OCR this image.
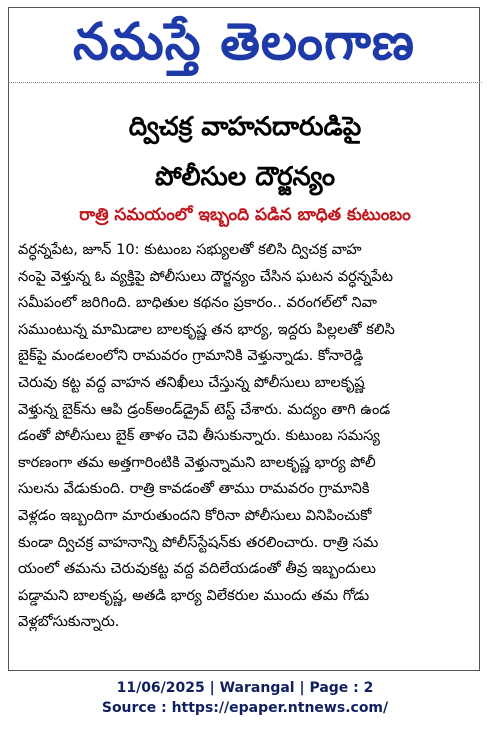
నమస్తే తెలంగాణ
ద్విచక్ర వాహనదారుడిపై
పోలీసుల దౌర్జన్యం
రాత్రి సమయంలో ఇబ్బంది పడిన బాధిత కుటుంబం
వర్ధన్నపేట, జూన్ 10: కుటుంబ సభ్యులతో కలిసి ద్విచక్ర వాహ
నంపై వెళ్తున్న ఓ వ్యక్తిపై పోలీసులు దౌర్జన్యం చేసిన ఘటన వర్ధన్నపేట
సమీపంలో జరిగింది. బాధితుల కథనం ప్రకారం.. వరంగల్‌లో నివా
సముంటున్న మామిడాల బాలకృష్ణ తన భార్య, ఇద్దరు పిల్లలతో కలిసి
బైక్‌పై మండలంలోని రామవరం గ్రామానికి వెళ్తున్నాడు. కోనారెడ్డి
చెరువు కట్ట వద్ద వాహన తనిఖీలు చేస్తున్న పోలీసులు బాలకృష్ణ
వెళ్తున్న బైక్‌ను ఆపి డ్రంక్‌అండ్‌డ్రైవ్ టెస్ట్ చేశారు. మద్యం తాగి ఉండ
డంతో పోలీసులు బైక్ తాళం చెవి తీసుకున్నారు. కుటుంబ సమస్య
కారణంగా తమ అత్తగారింటికి వెళ్తున్నామని బాలకృష్ణ భార్య పోలీ
సులను వేడుకుంది. రాత్రి కావడంతో తాము రామవరం గ్రామానికి
వెళ్లడం ఇబ్బందిగా మారుతుందని కోరినా పోలీసులు వినిపించుకో
కుండా ద్విచక్ర వాహనాన్ని పోలీస్‌స్టేషన్‌కు తరలించారు. రాత్రి సమ
యంలో తమను చెరువుకట్ట వద్ద వదిలేయడంతో తీవ్ర ఇబ్బందులు
పడ్డామని బాలకృష్ణ, అతడి భార్య విలేకరుల ముందు తమ గోడు
వెళ్లబోసుకున్నారు.
11/06/2025 | Warangal | Page : 2
Source : https://epaper.ntnews.com/
